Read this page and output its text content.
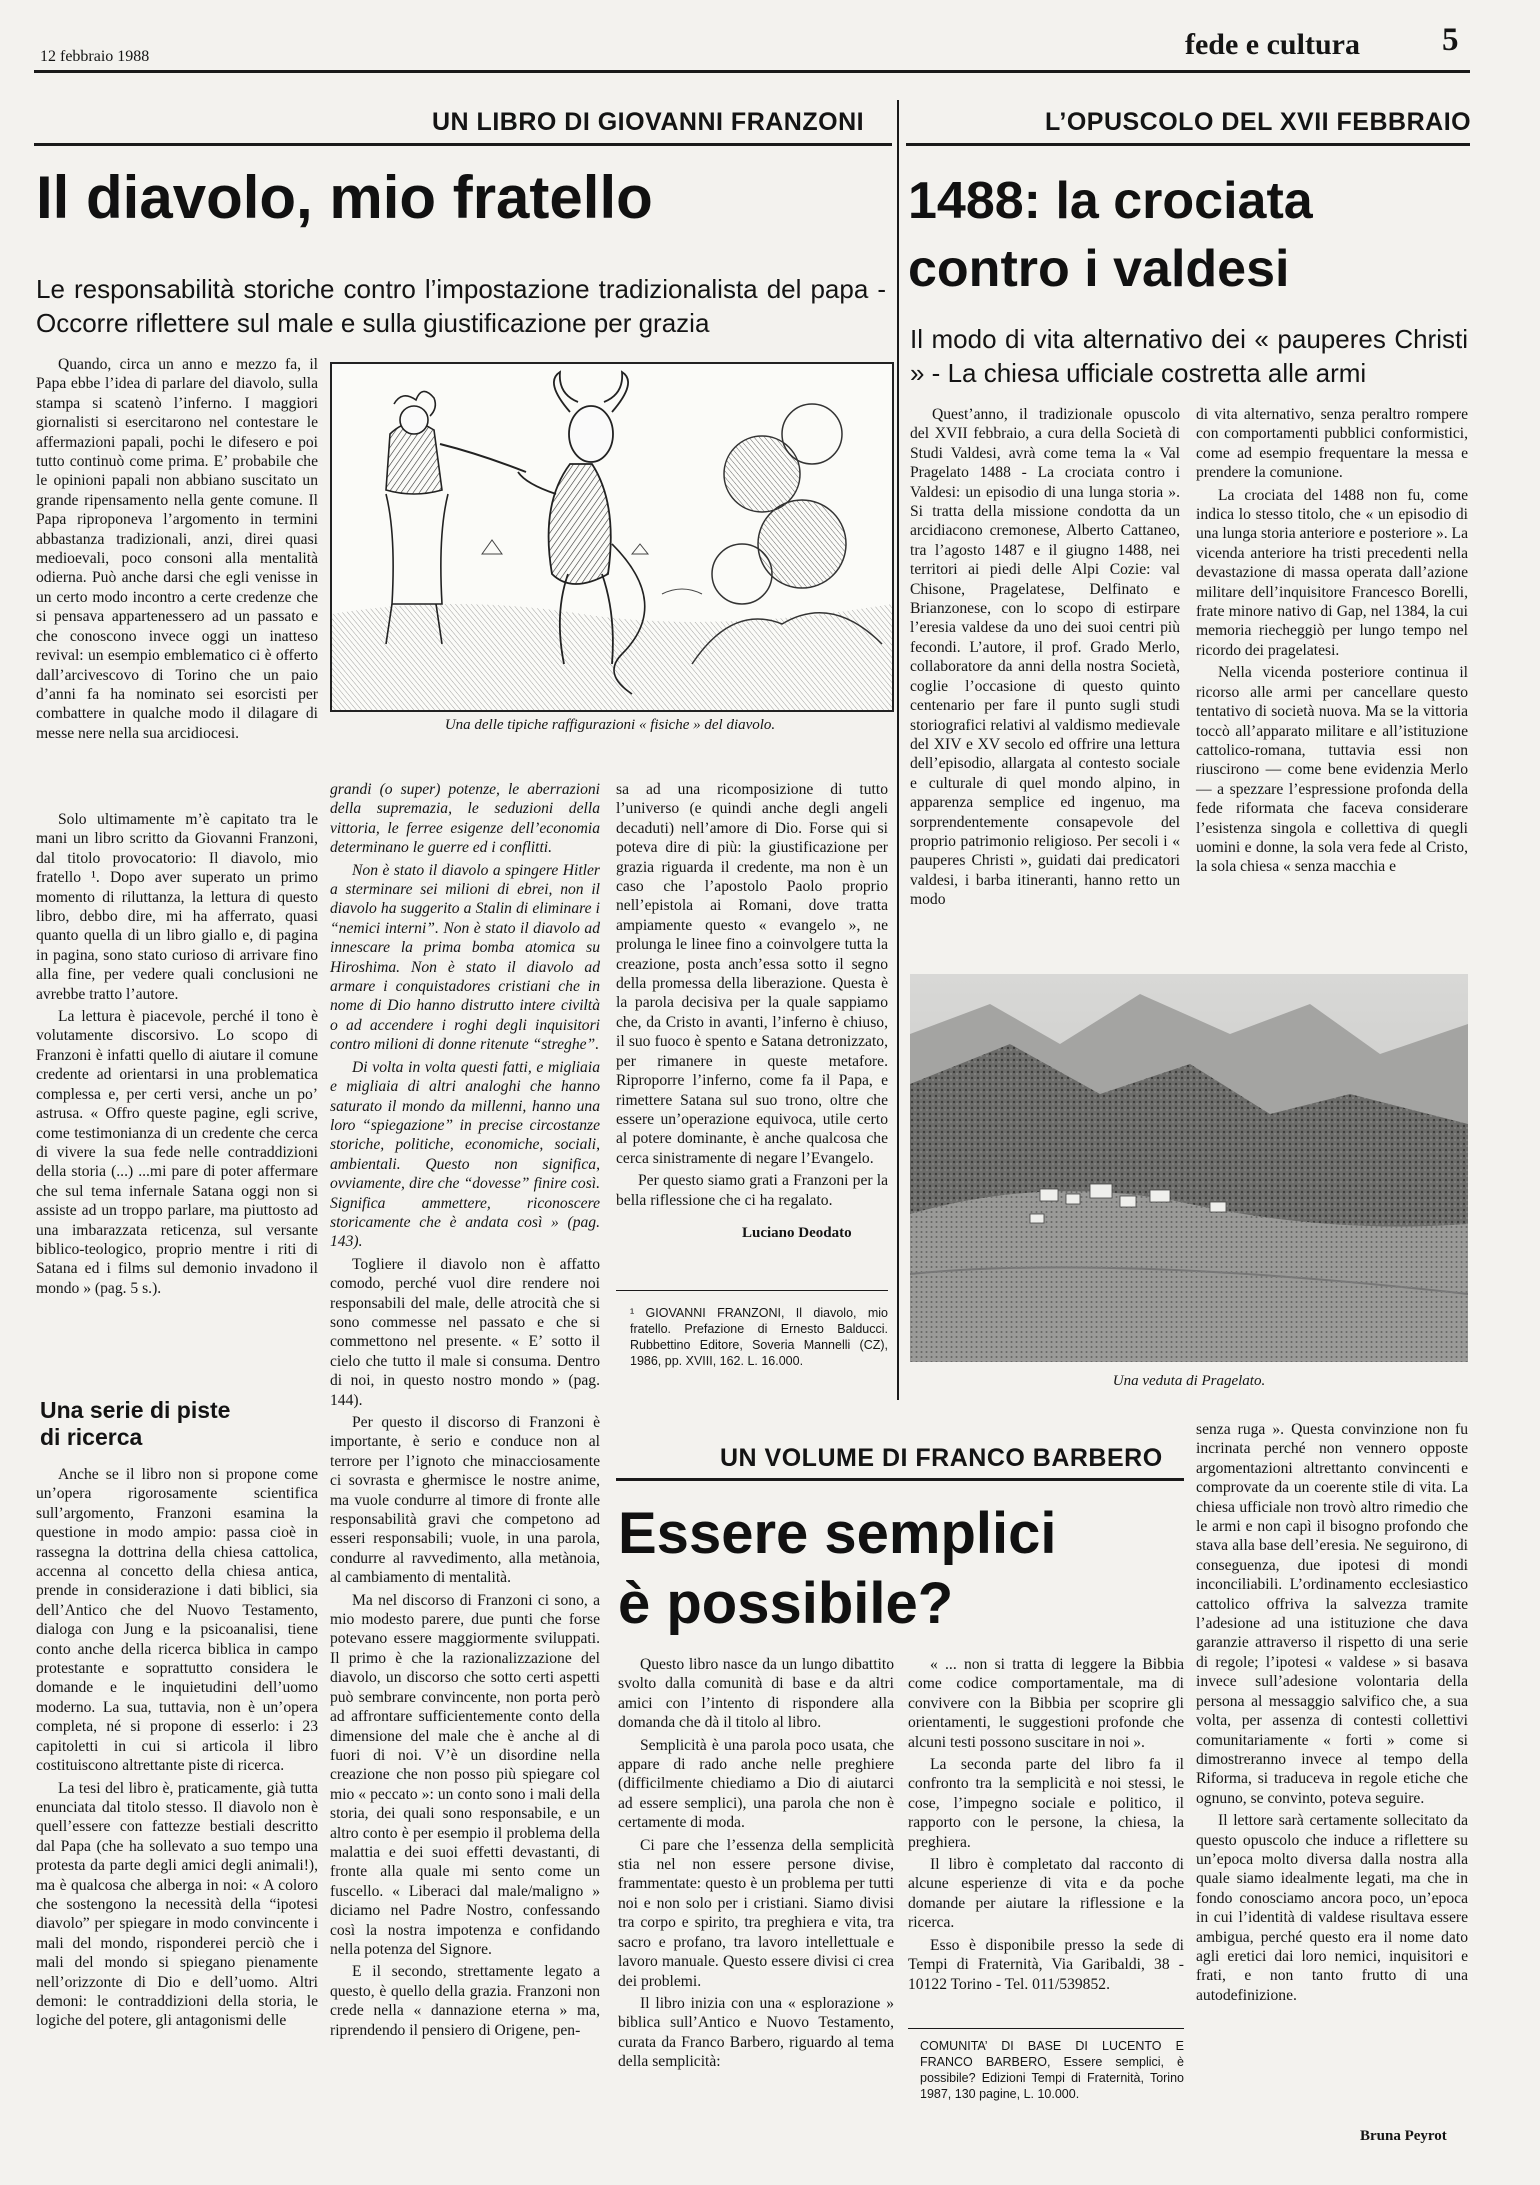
12 febbraio 1988	fede e cultura 5
UN LIBRO DI GIOVANNI FRANZONI
Il diavolo, mio fratello
Le responsabilità storiche contro l’impostazione tradizionalista del papa - Occorre riflettere sul male e sulla giustificazione per grazia

Quando, circa un anno e mezzo fa, il Papa ebbe l’idea di parlare del diavolo, sulla stampa si scatenò l’inferno. I maggiori giornalisti si esercitarono nel contestare le affermazioni papali, pochi le difesero e poi tutto continuò come prima. E’ probabile che le opinioni papali non abbiano suscitato un grande ripensamento nella gente comune. Il Papa riproponeva l’argomento in termini abbastanza tradizionali, anzi, direi quasi medioevali, poco consoni alla mentalità odierna. Può anche darsi che egli venisse in un certo modo incontro a certe credenze che si pensava appartenessero ad un passato e che conoscono invece oggi un inatteso revival: un esempio emblematico ci è offerto dall’arcivescovo di Torino che un paio d’anni fa ha nominato sei esorcisti per combattere in qualche modo il dilagare di messe nere nella sua arcidiocesi.	Una delle tipiche raffigurazioni « fisiche » del diavolo.

Solo ultimamente m’è capitato tra le mani un libro scritto da Giovanni Franzoni, dal titolo provocatorio: Il diavolo, mio fratello ¹. Dopo aver superato un primo momento di riluttanza, la lettura di questo libro, debbo dire, mi ha afferrato, quasi quanto quella di un libro giallo e, di pagina in pagina, sono stato curioso di arrivare fino alla fine, per vedere quali conclusioni ne avrebbe tratto l’autore.

La lettura è piacevole, perché il tono è volutamente discorsivo. Lo scopo di Franzoni è infatti quello di aiutare il comune credente ad orientarsi in una problematica complessa e, per certi versi, anche un po’ astrusa. « Offro queste pagine, egli scrive, come testimonianza di un credente che cerca di vivere la sua fede nelle contraddizioni della storia (...) ...mi pare di poter affermare che sul tema infernale Satana oggi non si assiste ad un troppo parlare, ma piuttosto ad una imbarazzata reticenza, sul versante biblico-teologico, proprio mentre i riti di Satana ed i films sul demonio invadono il mondo » (pag. 5 s.).

Una serie di piste di ricerca

Anche se il libro non si propone come un’opera rigorosamente scientifica sull’argomento, Franzoni esamina la questione in modo ampio: passa cioè in rassegna la dottrina della chiesa cattolica, accenna al concetto della chiesa antica, prende in considerazione i dati biblici, sia dell’Antico che del Nuovo Testamento, dialoga con Jung e la psicoanalisi, tiene conto anche della ricerca biblica in campo protestante e soprattutto considera le domande e le inquietudini dell’uomo moderno. La sua, tuttavia, non è un’opera completa, né si propone di esserlo: i 23 capitoletti in cui si articola il libro costituiscono altrettante piste di ricerca.

La tesi del libro è, praticamente, già tutta enunciata dal titolo stesso. Il diavolo non è quell’essere con fattezze bestiali descritto dal Papa (che ha sollevato a suo tempo una protesta da parte degli amici degli animali!), ma è qualcosa che alberga in noi: « A coloro che sostengono la necessità della “ipotesi diavolo” per spiegare in modo convincente i mali del mondo, risponderei perciò che i mali del mondo si spiegano pienamente nell’orizzonte di Dio e dell’uomo. Altri demoni: le contraddizioni della storia, le logiche del potere, gli antagonismi delle

grandi (o super) potenze, le aberrazioni della supremazia, le seduzioni della vittoria, le ferree esigenze dell’economia determinano le guerre ed i conflitti.

Non è stato il diavolo a spingere Hitler a sterminare sei milioni di ebrei, non il diavolo ha suggerito a Stalin di eliminare i “nemici interni”. Non è stato il diavolo ad innescare la prima bomba atomica su Hiroshima. Non è stato il diavolo ad armare i conquistadores cristiani che in nome di Dio hanno distrutto intere civiltà o ad accendere i roghi degli inquisitori contro milioni di donne ritenute “streghe”.

Di volta in volta questi fatti, e migliaia e migliaia di altri analoghi che hanno saturato il mondo da millenni, hanno una loro “spiegazione” in precise circostanze storiche, politiche, economiche, sociali, ambientali. Questo non significa, ovviamente, dire che “dovesse” finire così. Significa ammettere, riconoscere storicamente che è andata così » (pag. 143).

Togliere il diavolo non è affatto comodo, perché vuol dire rendere noi responsabili del male, delle atrocità che si sono commesse nel passato e che si commettono nel presente. « E’ sotto il cielo che tutto il male si consuma. Dentro di noi, in questo nostro mondo » (pag. 144).

Per questo il discorso di Franzoni è importante, è serio e conduce non al terrore per l’ignoto che minacciosamente ci sovrasta e ghermisce le nostre anime, ma vuole condurre al timore di fronte alle responsabilità gravi che competono ad esseri responsabili; vuole, in una parola, condurre al ravvedimento, alla metànoia, al cambiamento di mentalità.

Ma nel discorso di Franzoni ci sono, a mio modesto parere, due punti che forse potevano essere maggiormente sviluppati. Il primo è che la razionalizzazione del diavolo, un discorso che sotto certi aspetti può sembrare convincente, non porta però ad affrontare sufficientemente conto della dimensione del male che è anche al di fuori di noi. V’è un disordine nella creazione che non posso più spiegare col mio « peccato »: un conto sono i mali della storia, dei quali sono responsabile, e un altro conto è per esempio il problema della malattia e dei suoi effetti devastanti, di fronte alla quale mi sento come un fuscello. « Liberaci dal male/maligno » diciamo nel Padre Nostro, confessando così la nostra impotenza e confidando nella potenza del Signore.

E il secondo, strettamente legato a questo, è quello della grazia. Franzoni non crede nella « dannazione eterna » ma, riprendendo il pensiero di Origene, pen-

sa ad una ricomposizione di tutto l’universo (e quindi anche degli angeli decaduti) nell’amore di Dio. Forse qui si poteva dire di più: la giustificazione per grazia riguarda il credente, ma non è un caso che l’apostolo Paolo proprio nell’epistola ai Romani, dove tratta ampiamente questo « evangelo », ne prolunga le linee fino a coinvolgere tutta la creazione, posta anch’essa sotto il segno della promessa della liberazione. Questa è la parola decisiva per la quale sappiamo che, da Cristo in avanti, l’inferno è chiuso, il suo fuoco è spento e Satana detronizzato, per rimanere in queste metafore. Riproporre l’inferno, come fa il Papa, e rimettere Satana sul suo trono, oltre che essere un’operazione equivoca, utile certo al potere dominante, è anche qualcosa che cerca sinistramente di negare l’Evangelo.

Per questo siamo grati a Franzoni per la bella riflessione che ci ha regalato.

Luciano Deodato
¹ GIOVANNI FRANZONI, Il diavolo, mio fratello. Prefazione di Ernesto Balducci. Rubbettino Editore, Soveria Mannelli (CZ), 1986, pp. XVIII, 162. L. 16.000.
L’OPUSCOLO DEL XVII FEBBRAIO
1488: la crociata
contro i valdesi
Il modo di vita alternativo dei « pauperes Christi » - La chiesa ufficiale costretta alle armi

Quest’anno, il tradizionale opuscolo del XVII febbraio, a cura della Società di Studi Valdesi, avrà come tema la « Val Pragelato 1488 - La crociata contro i Valdesi: un episodio di una lunga storia ». Si tratta della missione condotta da un arcidiacono cremonese, Alberto Cattaneo, tra l’agosto 1487 e il giugno 1488, nei territori ai piedi delle Alpi Cozie: val Chisone, Pragelatese, Delfinato e Brianzonese, con lo scopo di estirpare l’eresia valdese da uno dei suoi centri più fecondi. L’autore, il prof. Grado Merlo, collaboratore da anni della nostra Società, coglie l’occasione di questo quinto centenario per fare il punto sugli studi storiografici relativi al valdismo medievale del XIV e XV secolo ed offrire una lettura dell’episodio, allargata al contesto sociale e culturale di quel mondo alpino, in apparenza semplice ed ingenuo, ma sorprendentemente consapevole del proprio patrimonio religioso. Per secoli i « pauperes Christi », guidati dai predicatori valdesi, i barba itineranti, hanno retto un modo

di vita alternativo, senza peraltro rompere con comportamenti pubblici conformistici, come ad esempio frequentare la messa e prendere la comunione.

La crociata del 1488 non fu, come indica lo stesso titolo, che « un episodio di una lunga storia anteriore e posteriore ». La vicenda anteriore ha tristi precedenti nella devastazione di massa operata dall’azione militare dell’inquisitore Francesco Borelli, frate minore nativo di Gap, nel 1384, la cui memoria riecheggiò per lungo tempo nel ricordo dei pragelatesi.

Nella vicenda posteriore continua il ricorso alle armi per cancellare questo tentativo di società nuova. Ma se la vittoria toccò all’apparato militare e all’istituzione cattolico-romana, tuttavia essi non riuscirono — come bene evidenzia Merlo — a spezzare l’espressione profonda della fede riformata che faceva considerare l’esistenza singola e collettiva di quegli uomini e donne, la sola vera fede al Cristo, la sola chiesa « senza macchia e

Una veduta di Pragelato.
UN VOLUME DI FRANCO BARBERO
Essere semplici
è possibile?

Questo libro nasce da un lungo dibattito svolto dalla comunità di base e da altri amici con l’intento di rispondere alla domanda che dà il titolo al libro.

Semplicità è una parola poco usata, che appare di rado anche nelle preghiere (difficilmente chiediamo a Dio di aiutarci ad essere semplici), una parola che non è certamente di moda.

Ci pare che l’essenza della semplicità stia nel non essere persone divise, frammentate: questo è un problema per tutti noi e non solo per i cristiani. Siamo divisi tra corpo e spirito, tra preghiera e vita, tra sacro e profano, tra lavoro intellettuale e lavoro manuale. Questo essere divisi ci crea dei problemi.

Il libro inizia con una « esplorazione » biblica sull’Antico e Nuovo Testamento, curata da Franco Barbero, riguardo al tema della semplicità:

« ... non si tratta di leggere la Bibbia come codice comportamentale, ma di convivere con la Bibbia per scoprire gli orientamenti, le suggestioni profonde che alcuni testi possono suscitare in noi ».

La seconda parte del libro fa il confronto tra la semplicità e noi stessi, le cose, l’impegno sociale e politico, il rapporto con le persone, la chiesa, la preghiera.

Il libro è completato dal racconto di alcune esperienze di vita e da poche domande per aiutare la riflessione e la ricerca.

Esso è disponibile presso la sede di Tempi di Fraternità, Via Garibaldi, 38 - 10122 Torino - Tel. 011/539852.

COMUNITA’ DI BASE DI LUCENTO E FRANCO BARBERO, Essere semplici, è possibile? Edizioni Tempi di Fraternità, Torino 1987, 130 pagine, L. 10.000.

senza ruga ». Questa convinzione non fu incrinata perché non vennero opposte argomentazioni altrettanto convincenti e comprovate da un coerente stile di vita. La chiesa ufficiale non trovò altro rimedio che le armi e non capì il bisogno profondo che stava alla base dell’eresia. Ne seguirono, di conseguenza, due ipotesi di mondi inconciliabili. L’ordinamento ecclesiastico cattolico offriva la salvezza tramite l’adesione ad una istituzione che dava garanzie attraverso il rispetto di una serie di regole; l’ipotesi « valdese » si basava invece sull’adesione volontaria della persona al messaggio salvifico che, a sua volta, per assenza di contesti collettivi comunitariamente « forti » come si dimostreranno invece al tempo della Riforma, si traduceva in regole etiche che ognuno, se convinto, poteva seguire.

Il lettore sarà certamente sollecitato da questo opuscolo che induce a riflettere su un’epoca molto diversa dalla nostra alla quale siamo idealmente legati, ma che in fondo conosciamo ancora poco, un’epoca in cui l’identità di valdese risultava essere ambigua, perché questo era il nome dato agli eretici dai loro nemici, inquisitori e frati, e non tanto frutto di una autodefinizione.

Bruna Peyrot
